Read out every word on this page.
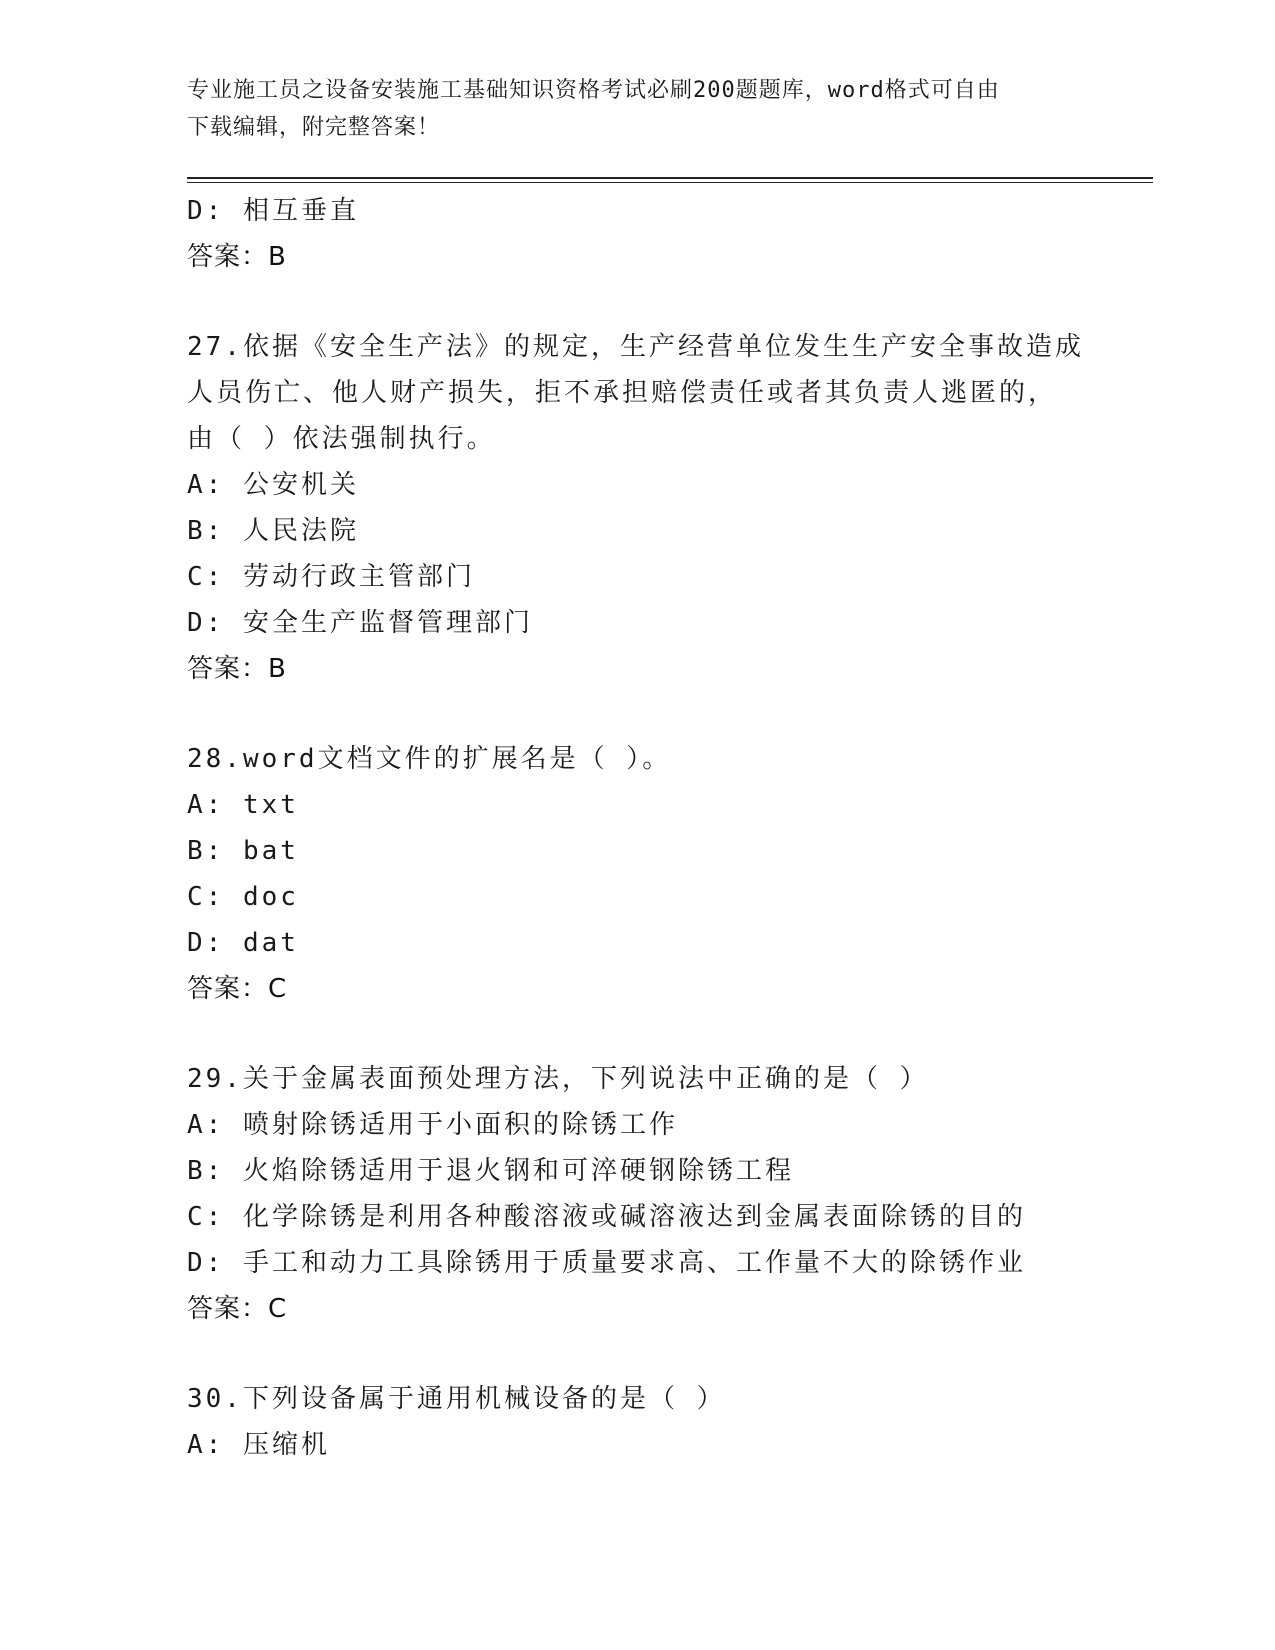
专业施工员之设备安装施工基础知识资格考试必刷200题题库，word格式可自由
下载编辑，附完整答案！
D: 相互垂直
答案：B
27.依据《安全生产法》的规定，生产经营单位发生生产安全事故造成
人员伤亡、他人财产损失，拒不承担赔偿责任或者其负责人逃匿的，
由（ ）依法强制执行。
A: 公安机关
B: 人民法院
C: 劳动行政主管部门
D: 安全生产监督管理部门
答案：B
28.word文档文件的扩展名是（ ）。
A: txt
B: bat
C: doc
D: dat
答案：C
29.关于金属表面预处理方法，下列说法中正确的是（ ）
A: 喷射除锈适用于小面积的除锈工作
B: 火焰除锈适用于退火钢和可淬硬钢除锈工程
C: 化学除锈是利用各种酸溶液或碱溶液达到金属表面除锈的目的
D: 手工和动力工具除锈用于质量要求高、工作量不大的除锈作业
答案：C
30.下列设备属于通用机械设备的是（ ）
A: 压缩机
